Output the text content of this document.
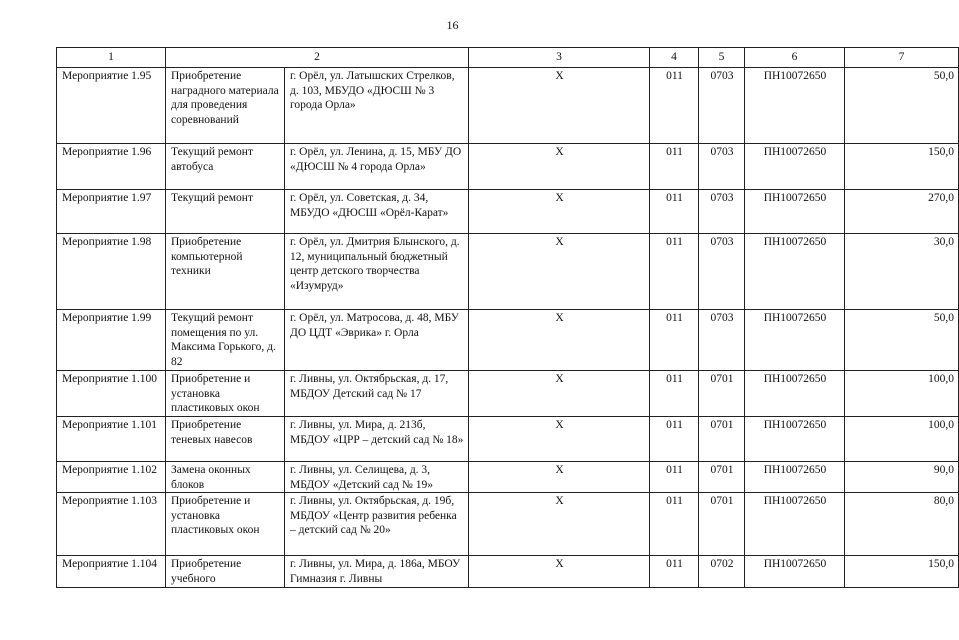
16
1	2		3	4	5	6	7
Мероприятие 1.95	Приобретение наградного материала для проведения соревнований	г. Орёл, ул. Латышских Стрелков, д. 103, МБУДО «ДЮСШ № 3 города Орла»	Х	011	0703	ПН10072650	50,0
Мероприятие 1.96	Текущий ремонт автобуса	г. Орёл, ул. Ленина, д. 15, МБУ ДО «ДЮСШ № 4 города Орла»	Х	011	0703	ПН10072650	150,0
Мероприятие 1.97	Текущий ремонт	г. Орёл, ул. Советская, д. 34, МБУДО «ДЮСШ «Орёл-Карат»	Х	011	0703	ПН10072650	270,0
Мероприятие 1.98	Приобретение компьютерной техники	г. Орёл, ул. Дмитрия Блынского, д. 12, муниципальный бюджетный центр детского творчества «Изумруд»	Х	011	0703	ПН10072650	30,0
Мероприятие 1.99	Текущий ремонт помещения по ул. Максима Горького, д. 82	г. Орёл, ул. Матросова, д. 48, МБУ ДО ЦДТ «Эврика» г. Орла	Х	011	0703	ПН10072650	50,0
Мероприятие 1.100	Приобретение и установка пластиковых окон	г. Ливны, ул. Октябрьская, д. 17, МБДОУ Детский сад № 17	Х	011	0701	ПН10072650	100,0
Мероприятие 1.101	Приобретение теневых навесов	г. Ливны, ул. Мира, д. 213б, МБДОУ «ЦРР – детский сад № 18»	Х	011	0701	ПН10072650	100,0
Мероприятие 1.102	Замена оконных блоков	г. Ливны, ул. Селищева, д. 3, МБДОУ «Детский сад № 19»	Х	011	0701	ПН10072650	90,0
Мероприятие 1.103	Приобретение и установка пластиковых окон	г. Ливны, ул. Октябрьская, д. 19б, МБДОУ «Центр развития ребенка – детский сад № 20»	Х	011	0701	ПН10072650	80,0
Мероприятие 1.104	Приобретение учебного	г. Ливны, ул. Мира, д. 186а, МБОУ Гимназия г. Ливны	Х	011	0702	ПН10072650	150,0
